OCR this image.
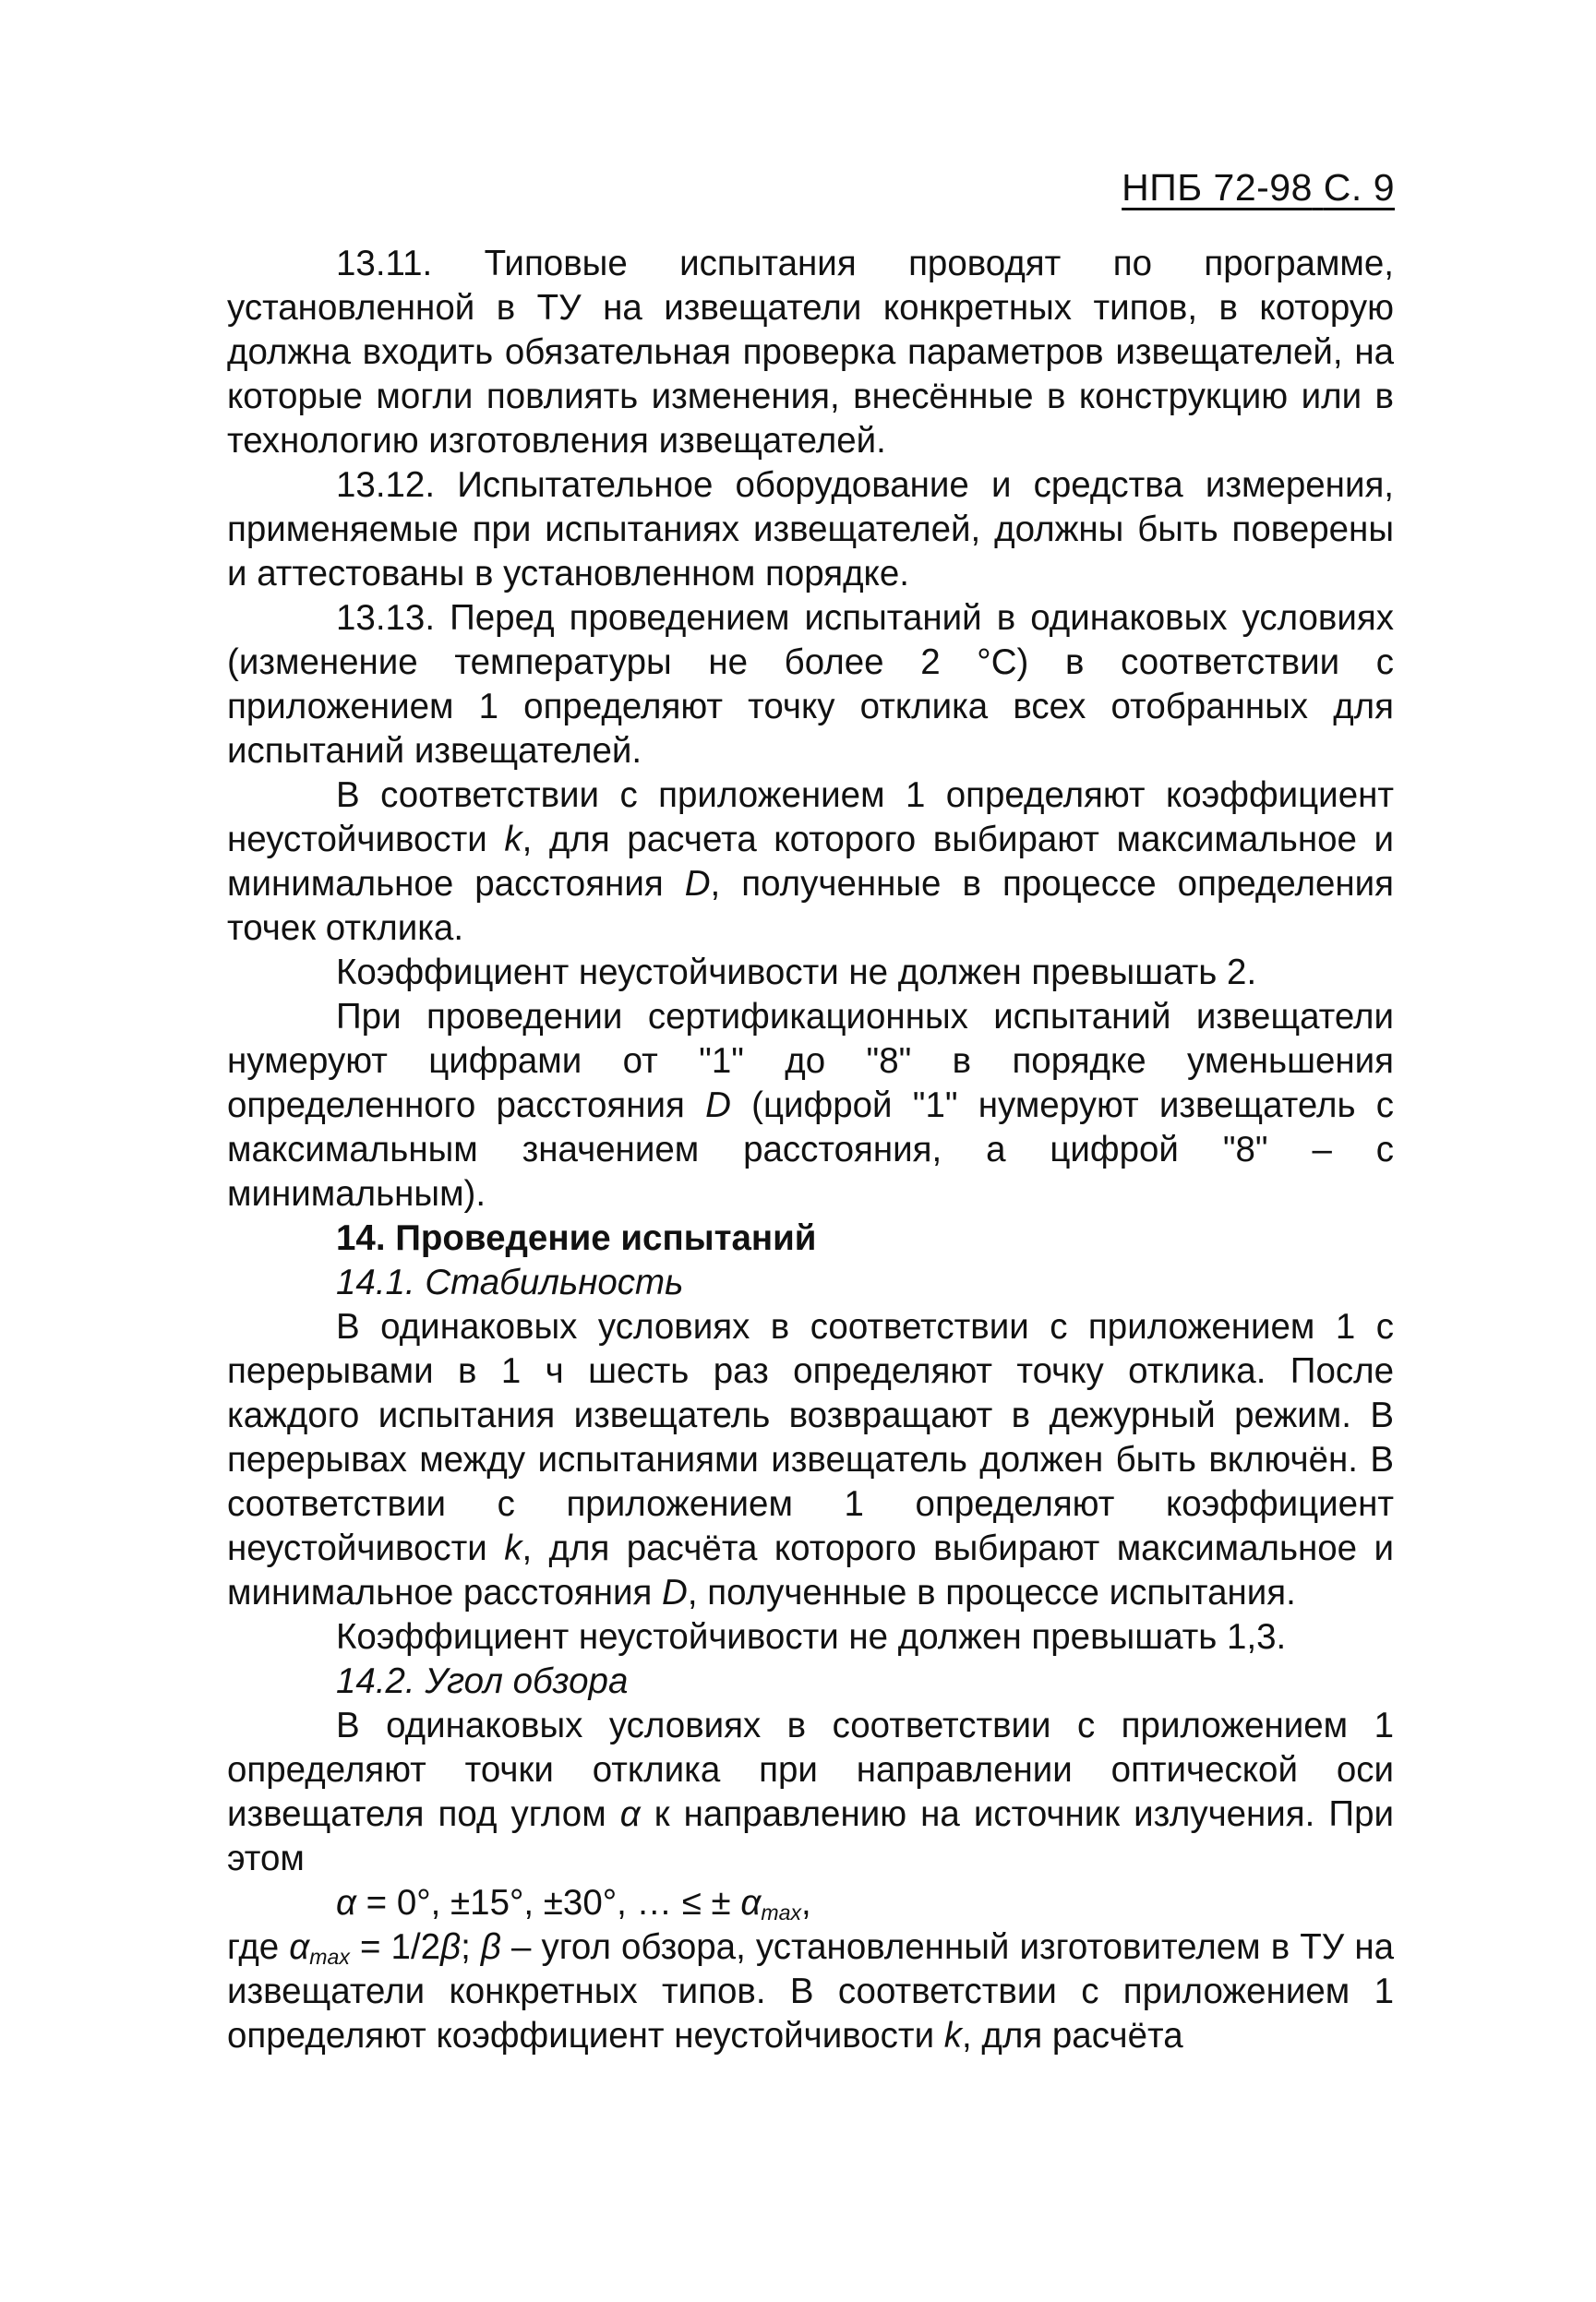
НПБ 72-98 С. 9

13.11. Типовые испытания проводят по программе, установленной в ТУ на извещатели конкретных типов, в которую должна входить обязательная проверка параметров извещателей, на которые могли повлиять изменения, внесённые в конструкцию или в технологию изготовления извещателей.

13.12. Испытательное оборудование и средства измерения, применяемые при испытаниях извещателей, должны быть поверены и аттестованы в установленном порядке.

13.13. Перед проведением испытаний в одинаковых условиях (изменение температуры не более 2 °С) в соответствии с приложением 1 определяют точку отклика всех отобранных для испытаний извещателей.

В соответствии с приложением 1 определяют коэффициент неустойчивости k, для расчета которого выбирают максимальное и минимальное расстояния D, полученные в процессе определения точек отклика.

Коэффициент неустойчивости не должен превышать 2.

При проведении сертификационных испытаний извещатели нумеруют цифрами от "1" до "8" в порядке уменьшения определенного расстояния D (цифрой "1" нумеруют извещатель с максимальным значением расстояния, а цифрой "8" – с минимальным).

14. Проведение испытаний

14.1. Стабильность

В одинаковых условиях в соответствии с приложением 1 с перерывами в 1 ч шесть раз определяют точку отклика. После каждого испытания извещатель возвращают в дежурный режим. В перерывах между испытаниями извещатель должен быть включён. В соответствии с приложением 1 определяют коэффициент неустойчивости k, для расчёта которого выбирают максимальное и минимальное расстояния D, полученные в процессе испытания.

Коэффициент неустойчивости не должен превышать 1,3.

14.2. Угол обзора

В одинаковых условиях в соответствии с приложением 1 определяют точки отклика при направлении оптической оси извещателя под углом α к направлению на источник излучения. При этом

α = 0°, ±15°, ±30°, … ≤ ± $\alpha_{max}$,

где $\alpha_{max} = 1/2\beta$; β – угол обзора, установленный изготовителем в ТУ на извещатели конкретных типов. В соответствии с приложением 1 определяют коэффициент неустойчивости k, для расчёта
